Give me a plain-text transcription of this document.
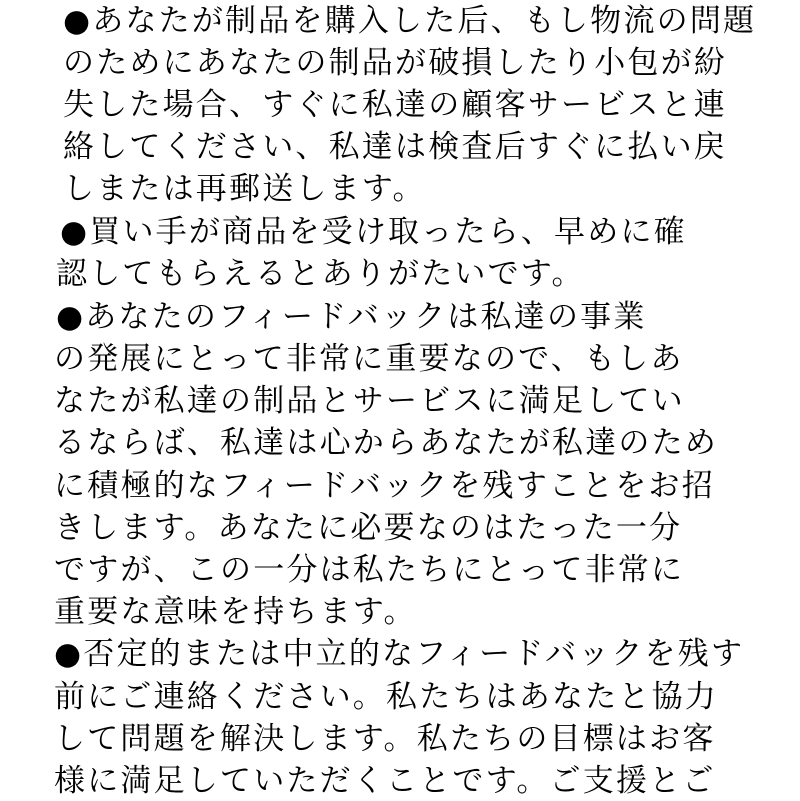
●あなたが制品を購入した后、もし物流の問題
のためにあなたの制品が破損したり小包が紛
失した場合、すぐに私達の顧客サービスと連
絡してください、私達は検査后すぐに払い戻
しまたは再郵送します。
●買い手が商品を受け取ったら、早めに確
認してもらえるとありがたいです。
●あなたのフィードバックは私達の事業
の発展にとって非常に重要なので、もしあ
なたが私達の制品とサービスに満足してい
るならば、私達は心からあなたが私達のため
に積極的なフィードバックを残すことをお招
きします。あなたに必要なのはたった一分
ですが、この一分は私たちにとって非常に
重要な意味を持ちます。
●否定的または中立的なフィードバックを残す
前にご連絡ください。私たちはあなたと協力
して問題を解決します。私たちの目標はお客
様に満足していただくことです。ご支援とご
